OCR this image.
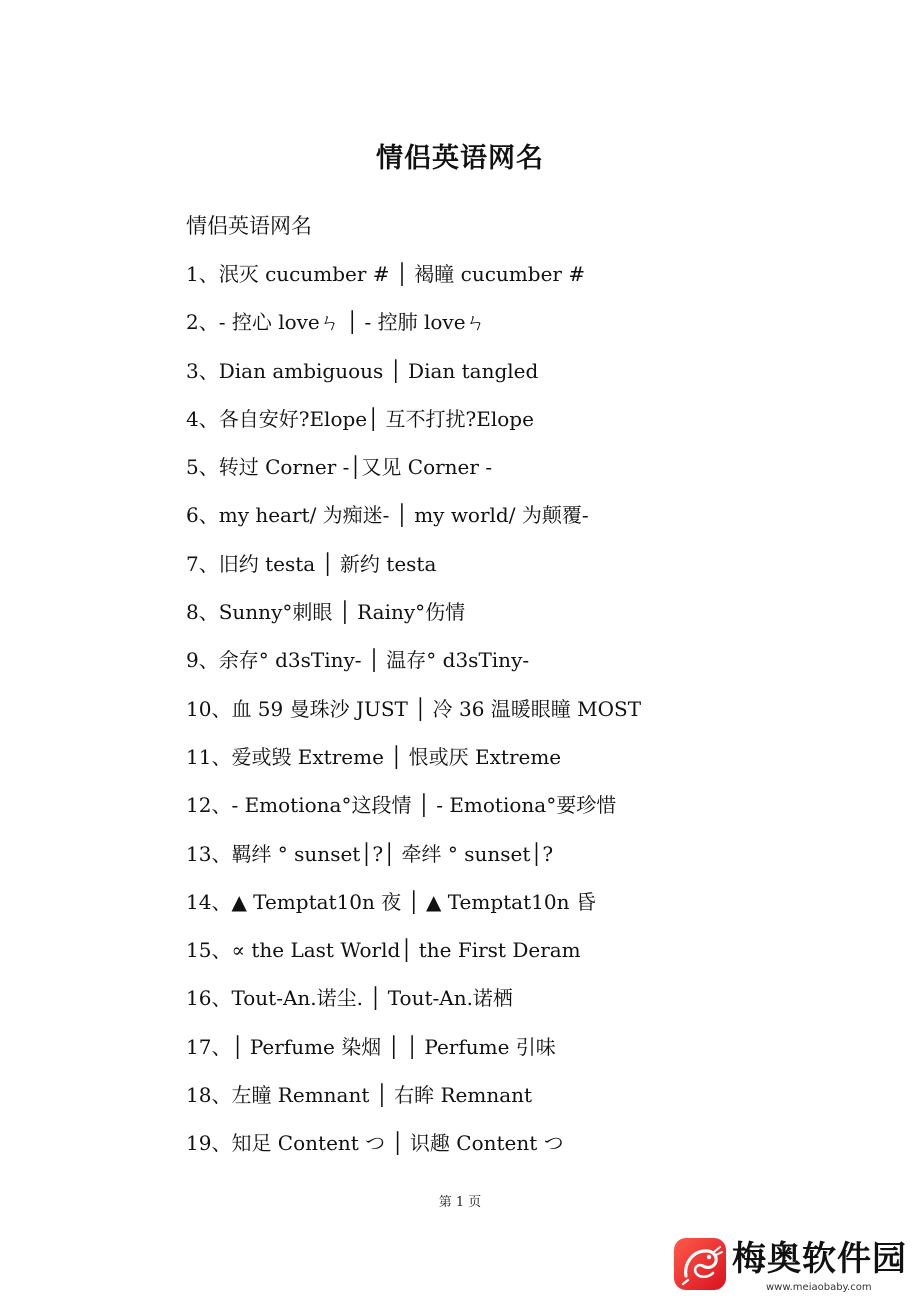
情侣英语网名
情侣英语网名
1、泯灭 cucumber # │ 褐瞳 cucumber #
2、- 控心 loveㄣ │ - 控肺 loveㄣ
3、Dian ambiguous │ Dian tangled
4、各自安好?Elope│ 互不打扰?Elope
5、转过 Corner -│又见 Corner -
6、my heart/ 为痴迷- │ my world/ 为颠覆-
7、旧约 testa │ 新约 testa
8、Sunny°刺眼 │ Rainy°伤情
9、余存° d3sTiny- │ 温存° d3sTiny-
10、血 59 曼珠沙 JUST │ 冷 36 温暖眼瞳 MOST
11、爱或毁 Extreme │ 恨或厌 Extreme
12、- Emotiona°这段情 │ - Emotiona°要珍惜
13、羁绊 ° sunset│?│ 牵绊 ° sunset│?
14、▲ Temptat10n 夜 │ ▲ Temptat10n 昏
15、∝ the Last World│ the First Deram
16、Tout-An.诺尘. │ Tout-An.诺栖
17、│ Perfume 染烟 │ │ Perfume 引味
18、左瞳 Remnant │ 右眸 Remnant
19、知足 Content つ │ 识趣 Content つ
第 1 页
梅奥软件园
www.meiaobaby.com
